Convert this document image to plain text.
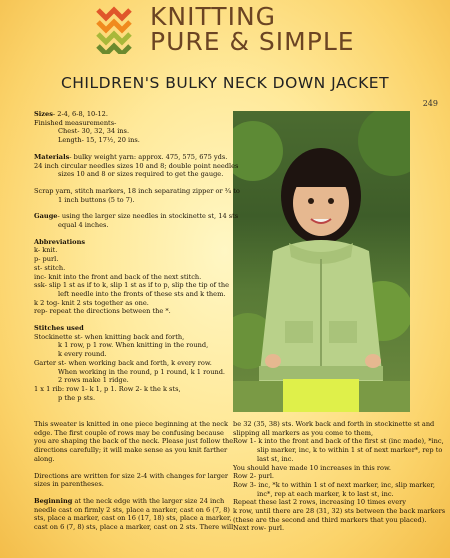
KNITTING
PURE & SIMPLE
CHILDREN'S BULKY NECK DOWN JACKET
249

Sizes- 2-4, 6-8, 10-12.
Finished measurements-
Chest- 30, 32, 34 ins.
Length- 15, 17½, 20 ins.

Materials- bulky weight yarn: approx. 475, 575, 675 yds.
24 inch circular needles sizes 10 and 8; double point needles
sizes 10 and 8 or sizes required to get the gauge.

Scrap yarn, stitch markers, 18 inch separating zipper or ¾ to
1 inch buttons (5 to 7).

Gauge- using the larger size needles in stockinette st, 14 sts
equal 4 inches.

Abbreviations
k- knit.
p- purl.
st- stitch.
inc- knit into the front and back of the next stitch.
ssk- slip 1 st as if to k, slip 1 st as if to p, slip the tip of the
left needle into the fronts of these sts and k them.
k 2 tog- knit 2 sts together as one.
rep- repeat the directions between the *.

Stitches used
Stockinette st- when knitting back and forth,
k 1 row, p 1 row. When knitting in the round,
k every round.
Garter st- when working back and forth, k every row.
When working in the round, p 1 round, k 1 round.
2 rows make 1 ridge.
1 x 1 rib: row 1- k 1, p 1. Row 2- k the k sts,
p the p sts.

This sweater is knitted in one piece beginning at the neck
edge. The first couple of rows may be confusing because
you are shaping the back of the neck. Please just follow the
directions carefully; it will make sense as you knit farther
along.

Directions are written for size 2-4 with changes for larger
sizes in parentheses.

Beginning at the neck edge with the larger size 24 inch
needle cast on firmly 2 sts, place a marker, cast on 6 (7, 8)
sts, place a marker, cast on 16 (17, 18) sts, place a marker,
cast on 6 (7, 8) sts, place a marker, cast on 2 sts. There will

be 32 (35, 38) sts. Work back and forth in stockinette st and
slipping all markers as you come to them,
Row 1- k into the front and back of the first st (inc made), *inc,
slip marker, inc, k to within 1 st of next marker*, rep to
last st, inc.
You should have made 10 increases in this row.
Row 2- purl.
Row 3- inc, *k to within 1 st of next marker, inc, slip marker,
inc*, rep at each marker, k to last st, inc.
Repeat these last 2 rows, increasing 10 times every
k row, until there are 28 (31, 32) sts between the back markers
(these are the second and third markers that you placed).
Next row- purl.
